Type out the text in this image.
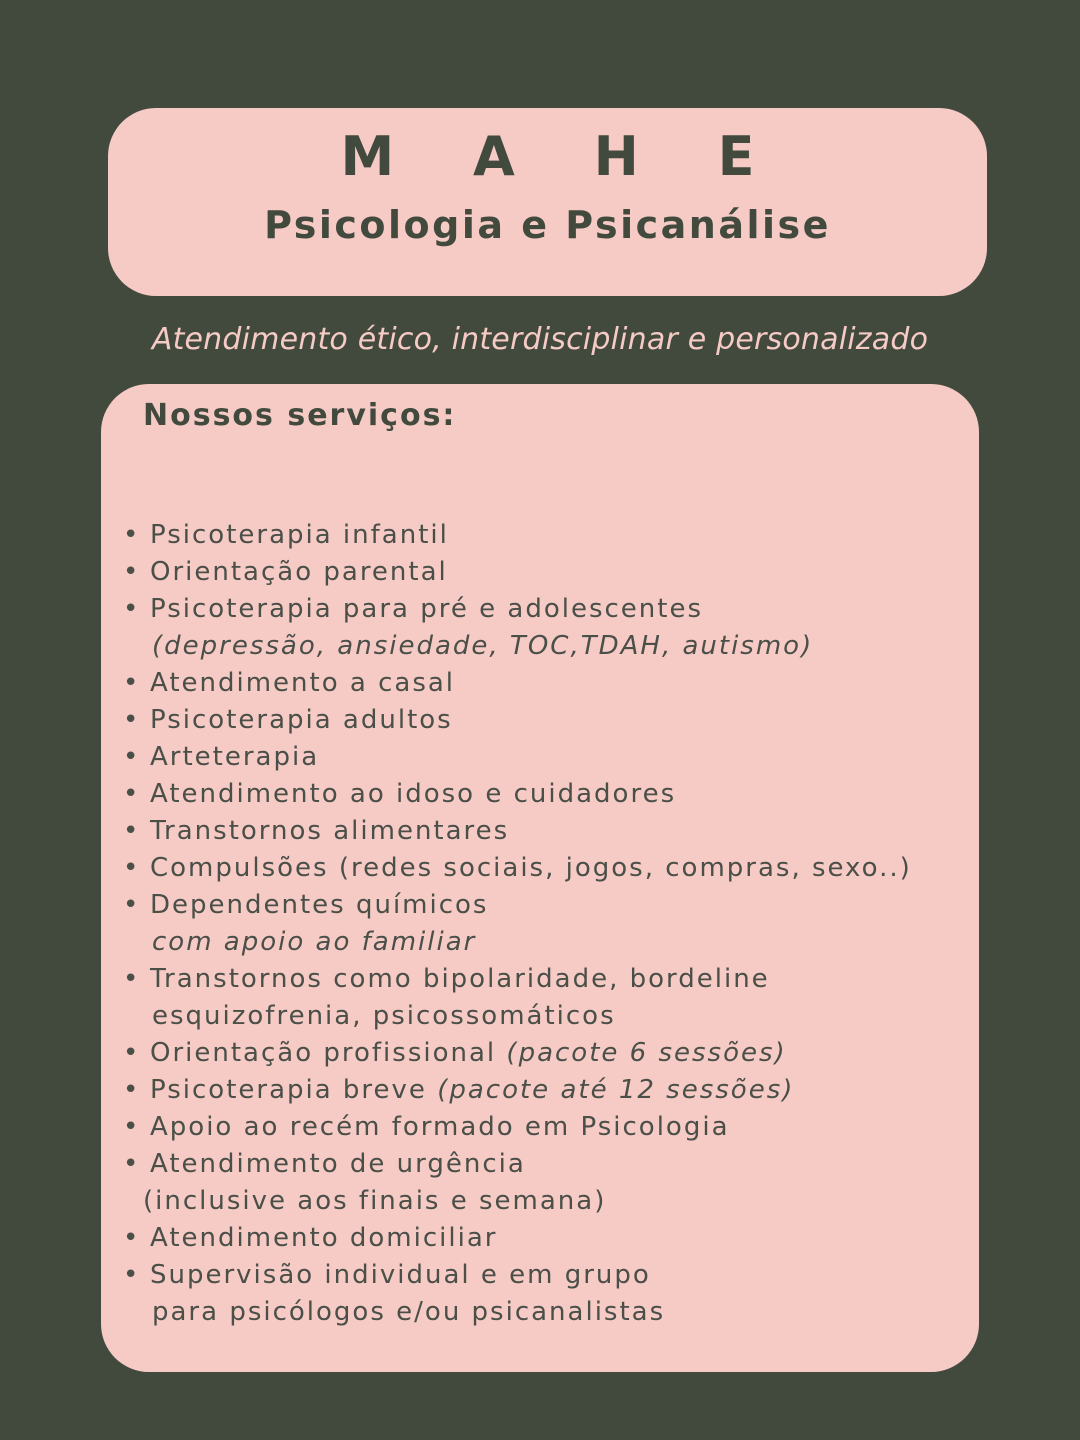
M A H E
Psicologia e Psicanálise
Atendimento ético, interdisciplinar e personalizado
Nossos serviços:
• Psicoterapia infantil
• Orientação parental
• Psicoterapia para pré e adolescentes
(depressão, ansiedade, TOC,TDAH, autismo)
• Atendimento a casal
• Psicoterapia adultos
• Arteterapia
• Atendimento ao idoso e cuidadores
• Transtornos alimentares
• Compulsões (redes sociais, jogos, compras, sexo..)
• Dependentes químicos
com apoio ao familiar
• Transtornos como bipolaridade, bordeline
esquizofrenia, psicossomáticos
• Orientação profissional (pacote 6 sessões)
• Psicoterapia breve (pacote até 12 sessões)
• Apoio ao recém formado em Psicologia
• Atendimento de urgência
(inclusive aos finais e semana)
• Atendimento domiciliar
• Supervisão individual e em grupo
para psicólogos e/ou psicanalistas
